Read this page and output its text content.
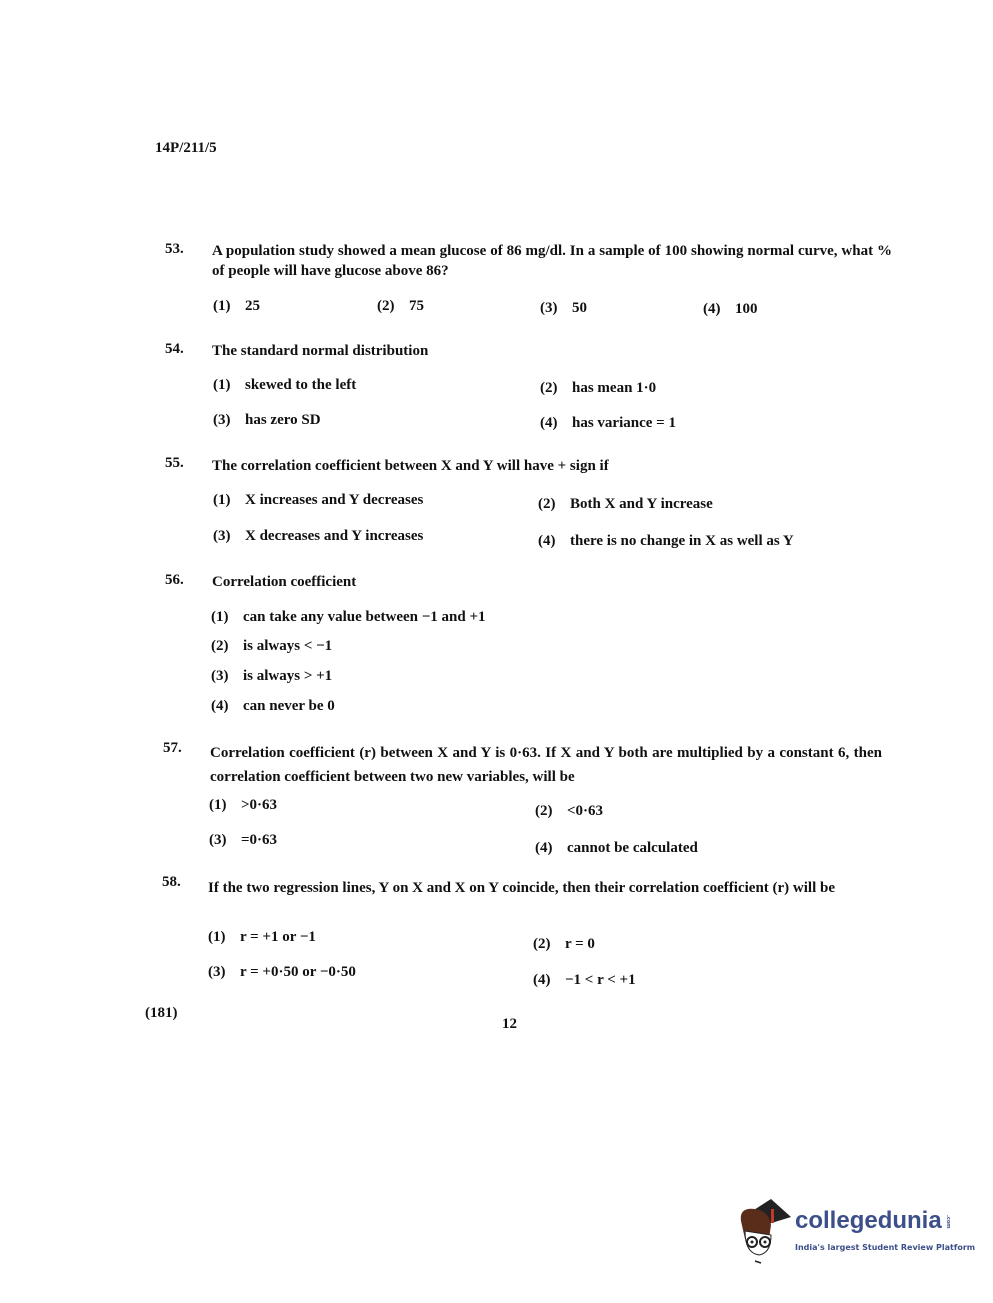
14P/211/5
53. A population study showed a mean glucose of 86 mg/dl. In a sample of 100 showing normal curve, what % of people will have glucose above 86?
(1) 25	(2) 75	(3) 50	(4) 100
54. The standard normal distribution
(1) skewed to the left	(2) has mean 1·0
(3) has zero SD	(4) has variance = 1
55. The correlation coefficient between X and Y will have + sign if
(1) X increases and Y decreases	(2) Both X and Y increase
(3) X decreases and Y increases	(4) there is no change in X as well as Y
56. Correlation coefficient
(1) can take any value between −1 and +1
(2) is always < −1
(3) is always > +1
(4) can never be 0
57. Correlation coefficient (r) between X and Y is 0·63. If X and Y both are multiplied by a constant 6, then correlation coefficient between two new variables, will be
(1) >0·63	(2) <0·63
(3) =0·63	(4) cannot be calculated
58. If the two regression lines, Y on X and X on Y coincide, then their correlation coefficient (r) will be
(1) r = +1 or −1	(2) r = 0
(3) r = +0·50 or −0·50	(4) −1 < r < +1
(181)
12
collegedunia .com
India's largest Student Review Platform
